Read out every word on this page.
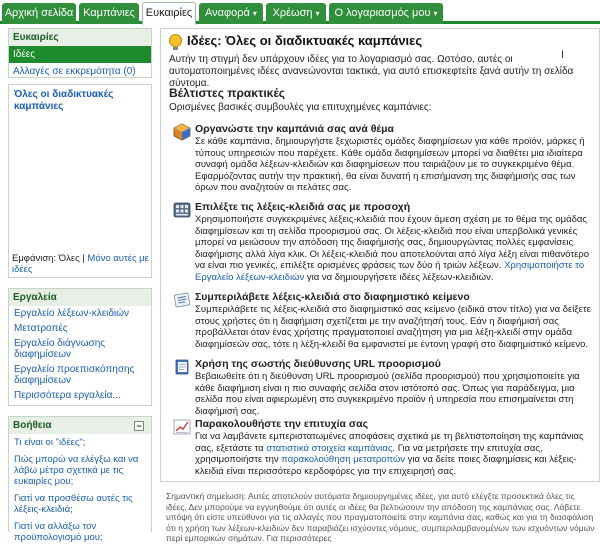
Αρχική σελίδα Καμπάνιες Ευκαιρίες	Αναφορά ▾	Χρέωση ▾	Ο λογαριασμός μου ▾
Ευκαιρίες
Ιδέες
Αλλαγές σε εκκρεμότητα (0)
Όλες οι διαδικτυακές καμπάνιες
Εμφάνιση: Όλες | Μόνο αυτές με ιδέες
Εργαλεία
Εργαλείο λέξεων-κλειδιών
Μετατροπές
Εργαλείο διάγνωσης διαφημίσεων
Εργαλείο προεπισκόπησης διαφημίσεων
Περισσότερα εργαλεία...
Βοήθεια	−
Τι είναι οι "ιδέες";
Πώς μπορώ να ελέγξω και να λάβω μέτρα σχετικά με τις ευκαιρίες μου;
Γιατί να προσθέσω αυτές τις λέξεις-κλειδιά;
Γιατί να αλλάξω τον προϋπολογισμό μου;
Ιδέες: Όλες οι διαδικτυακές καμπάνιες
I
Αυτήν τη στιγμή δεν υπάρχουν ιδέες για το λογαριασμό σας. Ωστόσο, αυτές οι αυτοματοποιημένες ιδέες ανανεώνονται τακτικά, για αυτό επισκεφτείτε ξανά αυτήν τη σελίδα σύντομα.
Βέλτιστες πρακτικές
Ορισμένες βασικές συμβουλές για επιτυχημένες καμπάνιες:
Οργανώστε την καμπάνιά σας ανά θέμα
Σε κάθε καμπάνια, δημιουργήστε ξεχωριστές ομάδες διαφημίσεων για κάθε προϊόν, μάρκες ή τύπους υπηρεσιών που παρέχετε. Κάθε ομάδα διαφημίσεων μπορεί να διαθέτει μια ιδιαίτερα συναφή ομάδα λέξεων-κλειδιών και διαφημίσεων που ταιριάζουν με το συγκεκριμένο θέμα. Εφαρμόζοντας αυτήν την πρακτική, θα είναι δυνατή η επισήμανση της διαφήμισής σας των όρων που αναζητούν οι πελάτες σας.
Επιλέξτε τις λέξεις-κλειδιά σας με προσοχή
Χρησιμοποιήστε συγκεκριμένες λέξεις-κλειδιά που έχουν άμεση σχέση με το θέμα της ομάδας διαφημίσεων και τη σελίδα προορισμού σας. Οι λέξεις-κλειδιά που είναι υπερβολικά γενικές μπορεί να μειώσουν την απόδοση της διαφήμισής σας, δημιουργώντας πολλές εμφανίσεις διαφήμισης αλλά λίγα κλικ. Οι λέξεις-κλειδιά που αποτελούνται από λίγα λέξη είναι πιθανότερο να είναι πιο γενικές, επιλέξτε ορισμένες φράσεις των δύο ή τριών λέξεων. Χρησιμοποιήστε το Εργαλείο λέξεων-κλειδιών για να δημιουργήσετε ιδέες λέξεων-κλειδιών.
Συμπεριλάβετε λέξεις-κλειδιά στο διαφημιστικό κείμενο
Συμπεριλάβετε τις λέξεις-κλειδιά στο διαφημιστικό σας κείμενο (ειδικά στον τίτλο) για να δείξετε στους χρήστες ότι η διαφήμιση σχετίζεται με την αναζήτησή τους. Εάν η διαφήμισή σας προβάλλεται όταν ένας χρήστης πραγματοποιεί αναζήτηση για μια λέξη-κλειδί στην ομάδα διαφημίσεών σας, τότε η λέξη-κλειδί θα εμφανιστεί με έντονη γραφή στο διαφημιστικό κείμενο.
Χρήση της σωστής διεύθυνσης URL προορισμού
Βεβαιωθείτε ότι η διεύθυνση URL προορισμού (σελίδα προορισμού) που χρησιμοποιείτε για κάθε διαφήμιση είναι η πιο συναφής σελίδα στον ιστότοπό σας. Όπως για παράδειγμα, μια σελίδα που είναι αφιερωμένη στο συγκεκριμένο προϊόν ή υπηρεσία που επισημαίνεται στη διαφήμισή σας.
Παρακολουθήστε την επιτυχία σας
Για να λαμβάνετε εμπεριστατωμένες αποφάσεις σχετικά με τη βελτιστοποίηση της καμπάνιας σας, εξετάστε τα στατιστικά στοιχεία καμπάνιας. Για να μετρήσετε την επιτυχία σας, χρησιμοποιήστε την παρακολούθηση μετατροπών για να δείτε ποιες διαφημίσεις και λέξεις-κλειδιά είναι περισσότερο κερδοφόρες για την επιχειρησή σας.
Σημαντική σημείωση: Αυτές αποτελούν αυτόματα δημιουργημένες ιδέες, για αυτό ελέγξτε προσεκτικά όλες τις ιδέες. Δεν μπορούμε να εγγυηθούμε ότι αυτές οι ιδέες θα βελτιώσουν την απόδοση της καμπάνιας σας. Λάβετε υπόψη ότι είστε υπεύθυνοι για τις αλλαγές που πραγματοποιείτε στην καμπάνια σας, καθώς και για τη διασφάλιση ότι η χρήση των λέξεων-κλειδιών δεν παραβιάζει ισχύοντες νόμους, συμπεριλαμβανομένων των ισχυόντων νόμων περί εμπορικών σημάτων. Για περισσότερες
